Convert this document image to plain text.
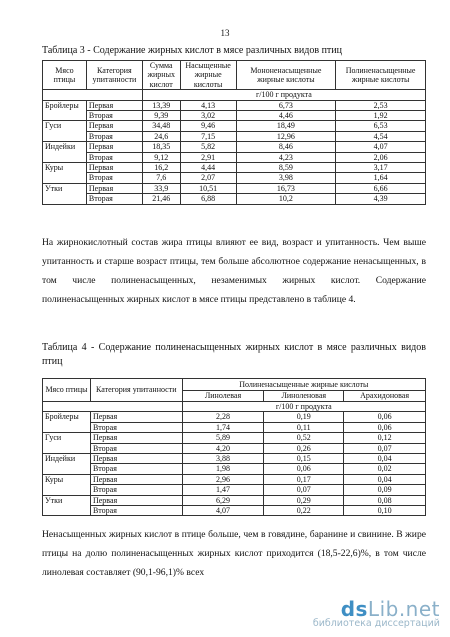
13
Таблица 3 - Содержание жирных кислот в мясе различных видов птиц
Мясо птицы	Категория упитанности	Сумма жирных кислот	Насыщенные жирные кислоты	Мононенасыщенные жирные кислоты	Полиненасыщенные жирные кислоты
		г/100 г продукта			
Бройлеры	Первая	13,39	4,13	6,73	2,53
	Вторая	9,39	3,02	4,46	1,92
Гуси	Первая	34,48	9,46	18,49	6,53
	Вторая	24,6	7,15	12,96	4,54
Индейки	Первая	18,35	5,82	8,46	4,07
	Вторая	9,12	2,91	4,23	2,06
Куры	Первая	16,2	4,44	8,59	3,17
	Вторая	7,6	2,07	3,98	1,64
Утки	Первая	33,9	10,51	16,73	6,66
	Вторая	21,46	6,88	10,2	4,39
На жирнокислотный состав жира птицы влияют ее вид, возраст и упитанность. Чем выше упитанность и старше возраст птицы, тем больше абсолютное содержание ненасыщенных, в том числе полиненасыщенных, незаменимых жирных кислот. Содержание полиненасыщенных жирных кислот в мясе птицы представлено в таблице 4.
Таблица 4 - Содержание полиненасыщенных жирных кислот в мясе различных видов птиц
Мясо птицы	Категория упитанности	Полиненасыщенные жирные кислоты		
		Линолевая	Линоленовая	Арахидоновая
		г/100 г продукта		
Бройлеры	Первая	2,28	0,19	0,06
	Вторая	1,74	0,11	0,06
Гуси	Первая	5,89	0,52	0,12
	Вторая	4,20	0,26	0,07
Индейки	Первая	3,88	0,15	0,04
	Вторая	1,98	0,06	0,02
Куры	Первая	2,96	0,17	0,04
	Вторая	1,47	0,07	0,09
Утки	Первая	6,29	0,29	0,08
	Вторая	4,07	0,22	0,10
Ненасыщенных жирных кислот в птице больше, чем в говядине, баранине и свинине. В жире птицы на долю полиненасыщенных жирных кислот приходится (18,5-22,6)%, в том числе линолевая составляет (90,1-96,1)% всех
dsLib.net
библиотека диссертаций
